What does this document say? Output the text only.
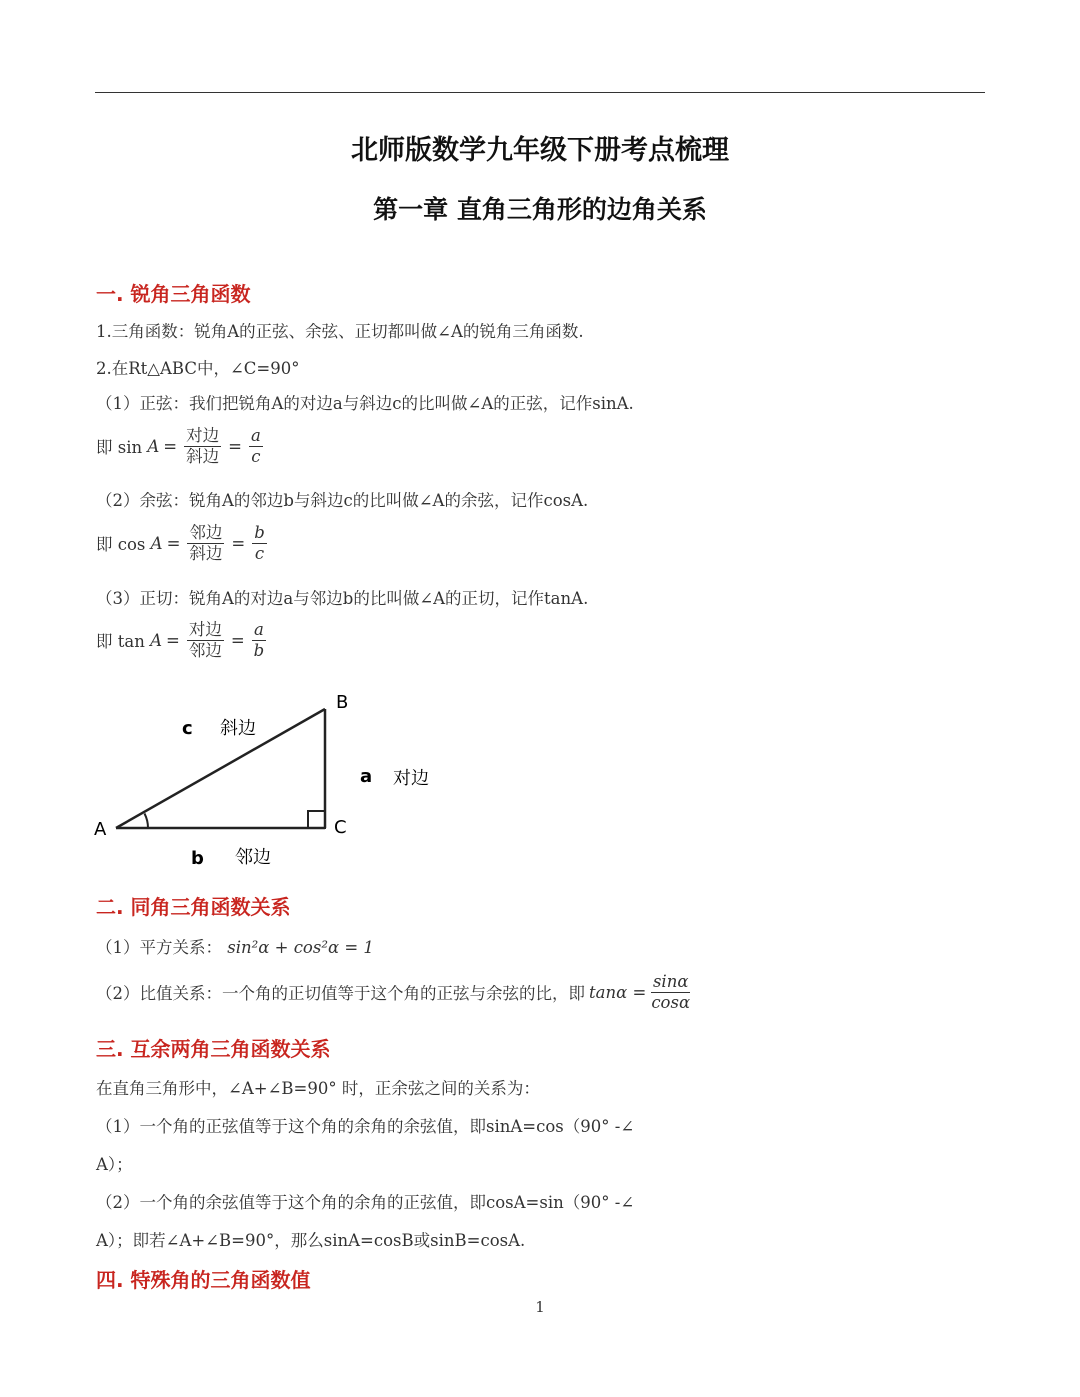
北师版数学九年级下册考点梳理
第一章 直角三角形的边角关系
一. 锐角三角函数
1.三角函数：锐角A的正弦、余弦、正切都叫做∠A的锐角三角函数.
2.在Rt△ABC中，∠C=90°
（1）正弦：我们把锐角A的对边a与斜边c的比叫做∠A的正弦，记作sinA.
即 sin
$A = \frac{\text{对边}}{\text{斜边}} = \frac{a}{c}$
（2）余弦：锐角A的邻边b与斜边c的比叫做∠A的余弦，记作cosA.
即 cos
$A = \frac{\text{邻边}}{\text{斜边}} = \frac{b}{c}$
（3）正切：锐角A的对边a与邻边b的比叫做∠A的正切，记作tanA.
即 tan
$A = \frac{\text{对边}}{\text{邻边}} = \frac{a}{b}$
A
B
C
c 斜边
a 对边
b 邻边
二. 同角三角函数关系
（1）平方关系： sin²α + cos²α = 1
（2）比值关系：一个角的正切值等于这个角的正弦与余弦的比，即 $\tan\alpha = \frac{\sin\alpha}{\cos\alpha}$
三. 互余两角三角函数关系
在直角三角形中，∠A+∠B=90° 时，正余弦之间的关系为：
（1）一个角的正弦值等于这个角的余角的余弦值，即sinA=cos（90° -∠
A）；
（2）一个角的余弦值等于这个角的余角的正弦值，即cosA=sin（90° -∠
A）；即若∠A+∠B=90°，那么sinA=cosB或sinB=cosA.
四. 特殊角的三角函数值
1
